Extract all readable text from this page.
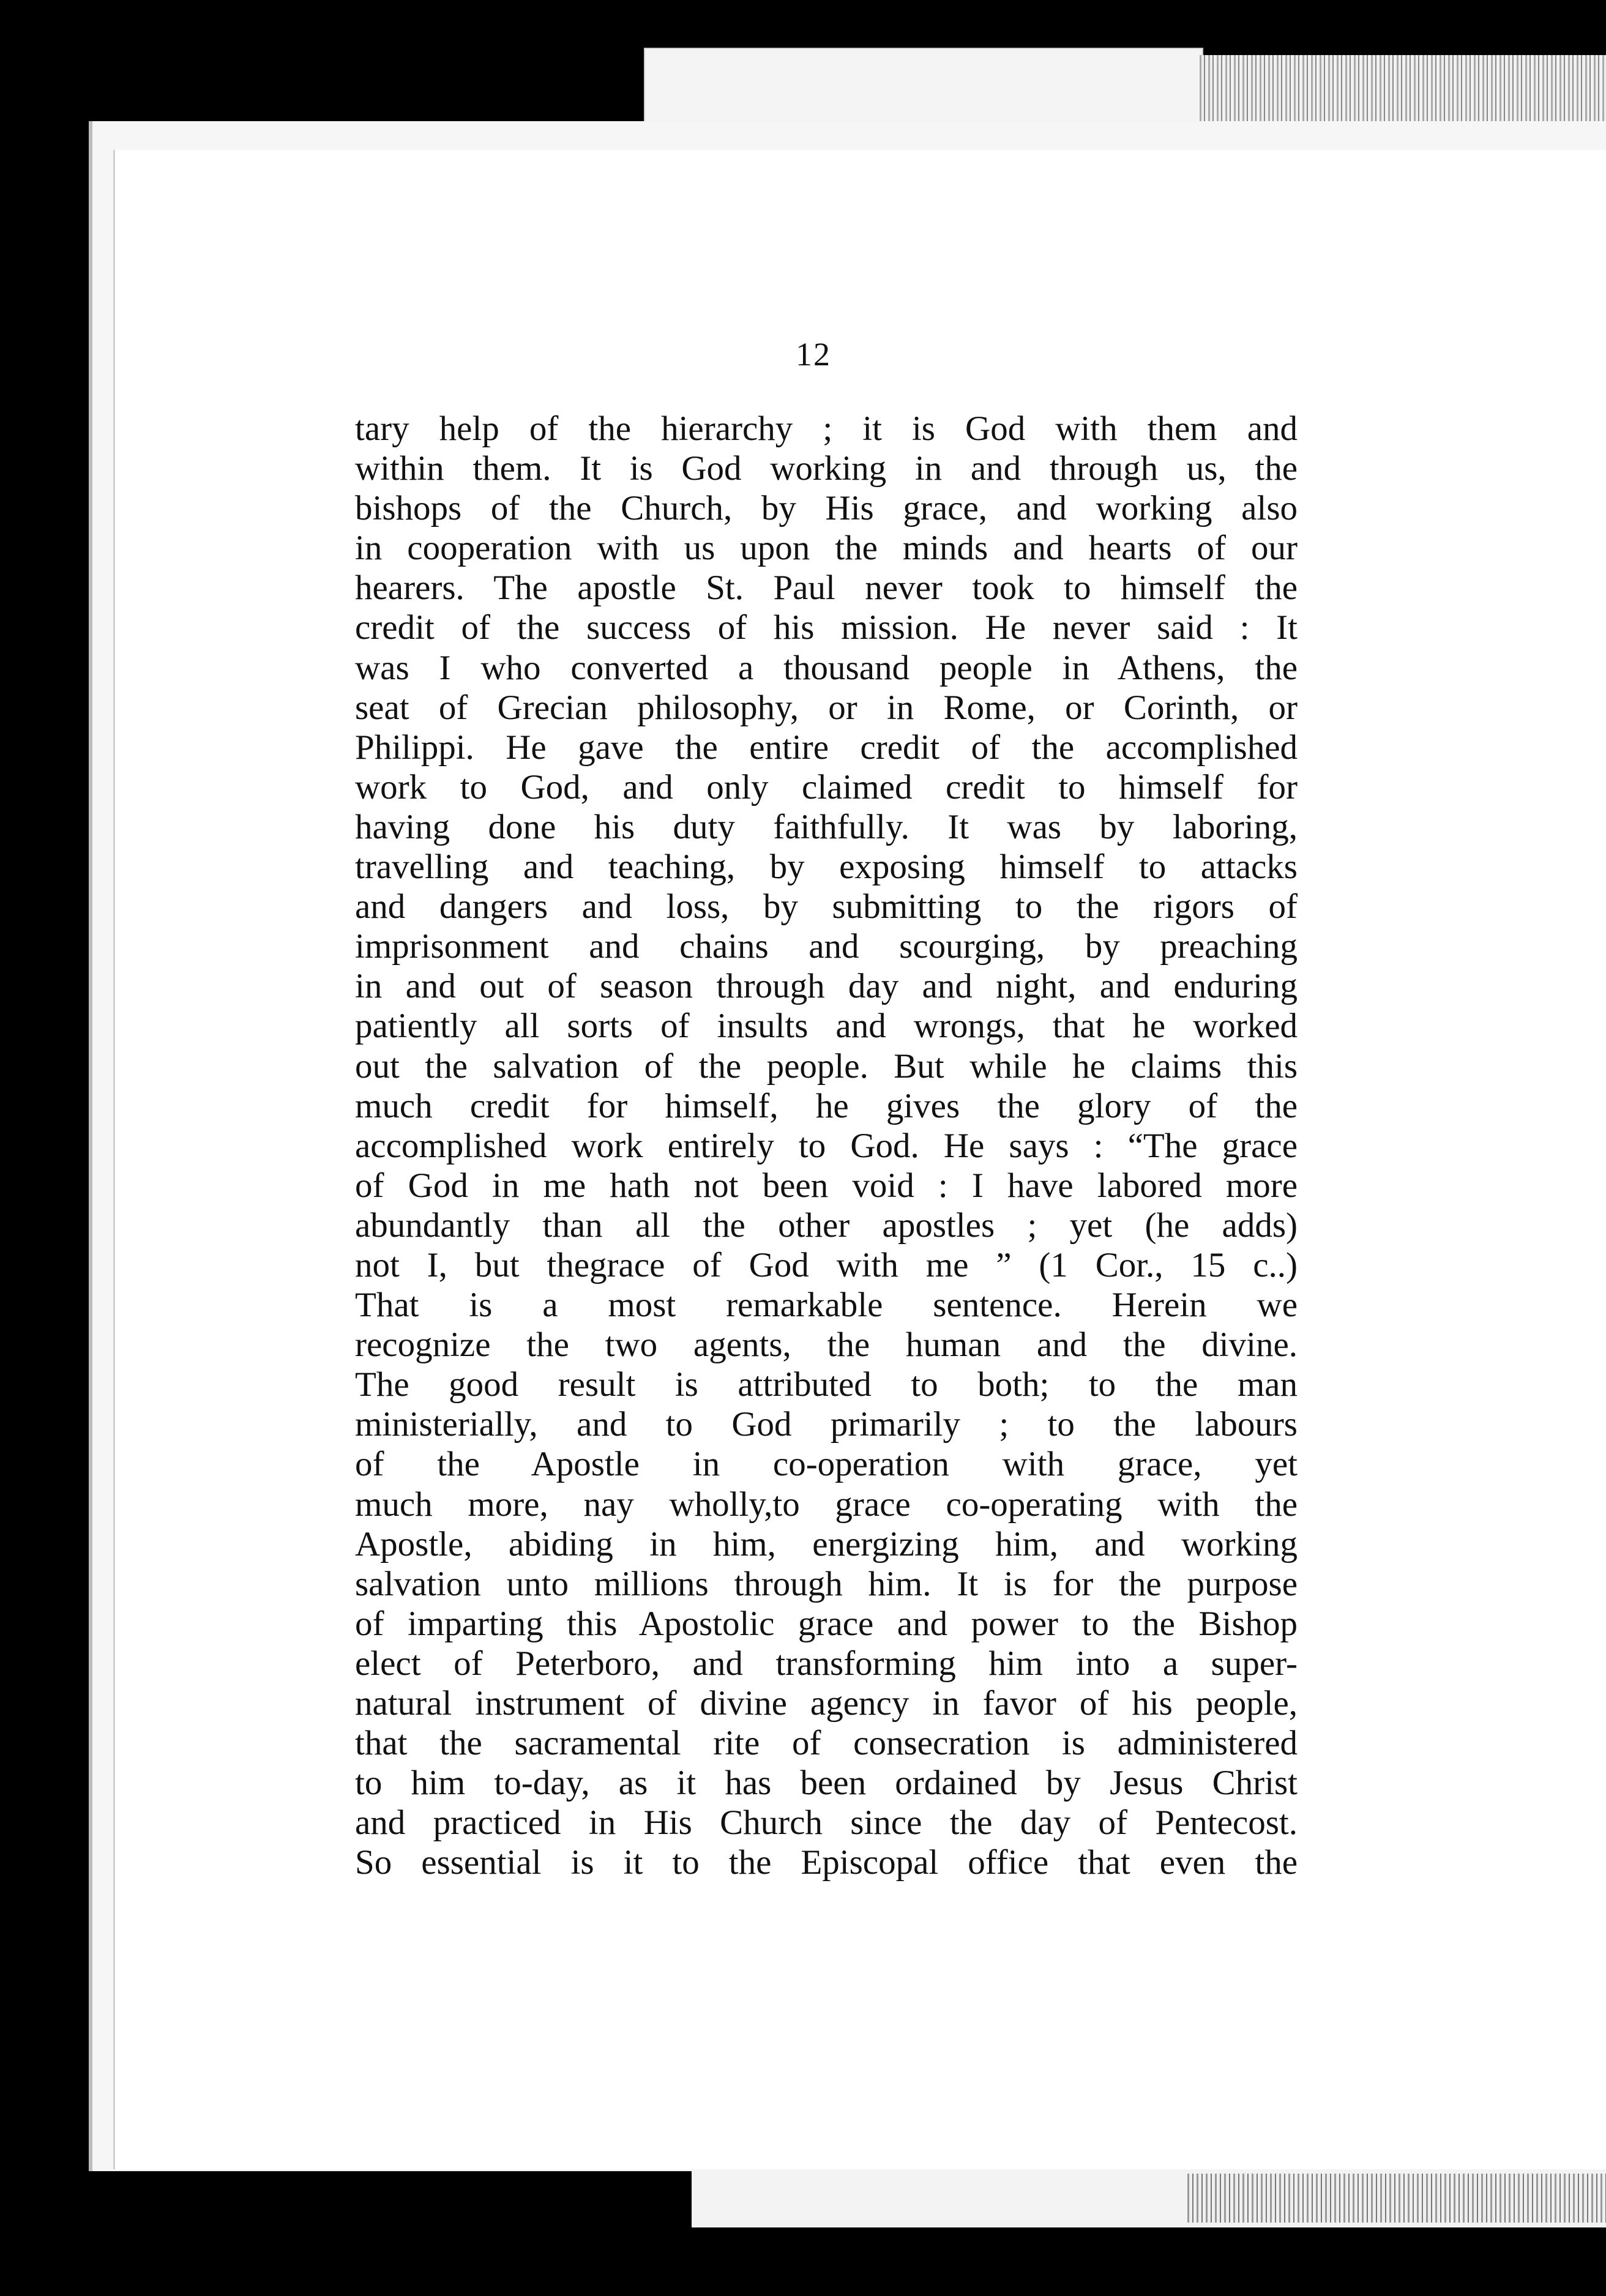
12
tary help of the hierarchy ; it is God with them and
within them. It is God working in and through us, the
bishops of the Church, by His grace, and working also
in cooperation with us upon the minds and hearts of our
hearers. The apostle St. Paul never took to himself the
credit of the success of his mission. He never said : It
was I who converted a thousand people in Athens, the
seat of Grecian philosophy, or in Rome, or Corinth, or
Philippi. He gave the entire credit of the accomplished
work to God, and only claimed credit to himself for
having done his duty faithfully. It was by laboring,
travelling and teaching, by exposing himself to attacks
and dangers and loss, by submitting to the rigors of
imprisonment and chains and scourging, by preaching
in and out of season through day and night, and enduring
patiently all sorts of insults and wrongs, that he worked
out the salvation of the people. But while he claims this
much credit for himself, he gives the glory of the
accomplished work entirely to God. He says : “The grace
of God in me hath not been void : I have labored more
abundantly than all the other apostles ; yet (he adds)
not I, but thegrace of God with me ” (1 Cor., 15 c..)
That is a most remarkable sentence. Herein we
recognize the two agents, the human and the divine.
The good result is attributed to both; to the man
ministerially, and to God primarily ; to the labours
of the Apostle in co-operation with grace, yet
much more, nay wholly,to grace co-operating with the
Apostle, abiding in him, energizing him, and working
salvation unto millions through him. It is for the purpose
of imparting this Apostolic grace and power to the Bishop
elect of Peterboro, and transforming him into a super-
natural instrument of divine agency in favor of his people,
that the sacramental rite of consecration is administered
to him to-day, as it has been ordained by Jesus Christ
and practiced in His Church since the day of Pentecost.
So essential is it to the Episcopal office that even the
